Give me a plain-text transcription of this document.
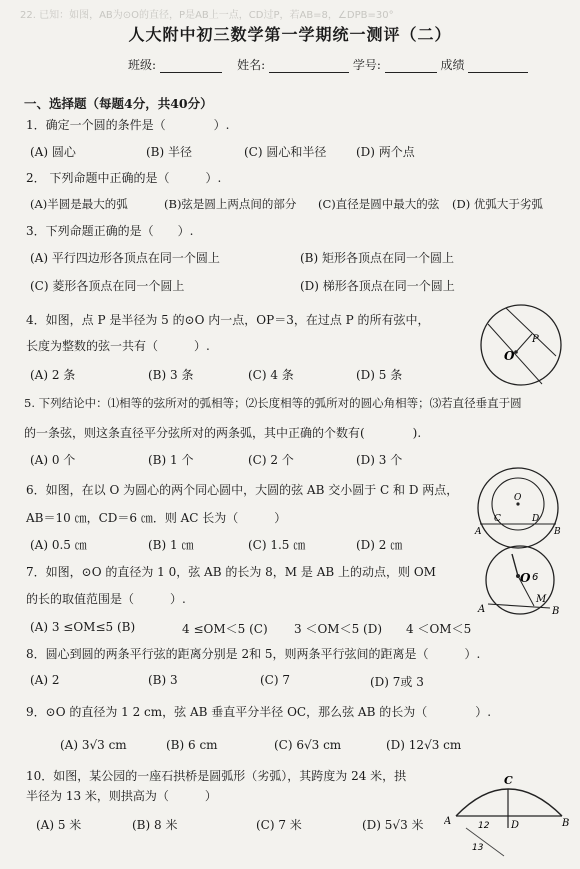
22. 已知：如图，AB为⊙O的直径，P是AB上一点，CD过P，若AB=8，∠DPB=30°
人大附中初三数学第一学期统一测评（二）
班级:	姓名:	学号:	成绩
一、选择题（每题4分，共40分）
1．确定一个圆的条件是（　　　　）.
(A) 圆心	(B) 半径	(C) 圆心和半径 (D) 两个点
2． 下列命题中正确的是（　　　）.
(A)半圆是最大的弧	(B)弦是圆上两点间的部分 (C)直径是圆中最大的弦 (D) 优弧大于劣弧
3．下列命题正确的是（　　）.
(A) 平行四边形各顶点在同一个圆上	(B) 矩形各顶点在同一个圆上
(C) 菱形各顶点在同一个圆上	(D) 梯形各顶点在同一个圆上
4．如图，点 P 是半径为 5 的⊙O 内一点，OP＝3，在过点 P 的所有弦中，
长度为整数的弦一共有（　　　）.
(A) 2 条	(B) 3 条	(C) 4 条	(D) 5 条
O
P
5. 下列结论中：⑴相等的弦所对的弧相等；⑵长度相等的弧所对的圆心角相等；⑶若直径垂直于圆
的一条弦，则这条直径平分弦所对的两条弧，其中正确的个数有(　　　　).
(A) 0 个	(B) 1 个	(C) 2 个	(D) 3 个
6．如图，在以 O 为圆心的两个同心圆中，大圆的弦 AB 交小圆于 C 和 D 两点，
AB＝10 ㎝，CD＝6 ㎝．则 AC 长为（　　　）
(A) 0.5 ㎝	(B) 1 ㎝	(C) 1.5 ㎝	(D) 2 ㎝
O
A
C	D
B
7．如图，⊙O 的直径为 1 0，弦 AB 的长为 8，M 是 AB 上的动点，则 OM
的长的取值范围是（　　　）.
(A) 3 ≤OM≤5 (B)	4 ≤OM＜5 (C) 3 ＜OM＜5 (D) 4 ＜OM＜5
O 6
A	B
M
8．圆心到圆的两条平行弦的距离分别是 2和 5，则两条平行弦间的距离是（　　　）.
(A) 2	(B) 3	(C) 7	(D) 7或 3
9．⊙O 的直径为 1 2 cm，弦 AB 垂直平分半径 OC，那么弦 AB 的长为（　　　　）.
(A) 3√3 cm	(B) 6 cm	(C) 6√3 cm	(D) 12√3 cm
10．如图，某公园的一座石拱桥是圆弧形（劣弧），其跨度为 24 米，拱
半径为 13 米，则拱高为（　　　）
(A) 5 米	(B) 8 米	(C) 7 米	(D) 5√3 米
C
A	D	B
12
13
